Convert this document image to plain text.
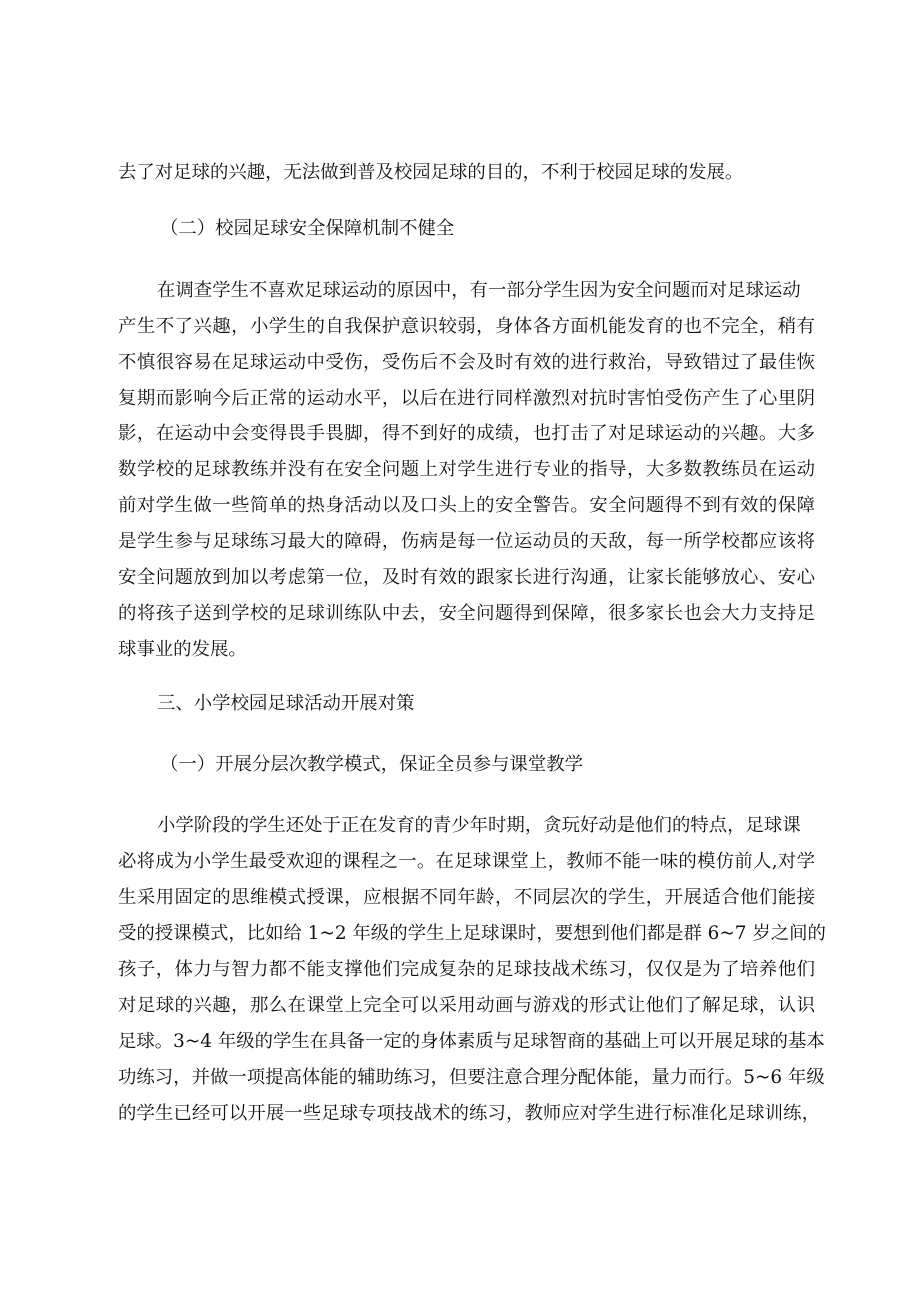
去了对足球的兴趣，无法做到普及校园足球的目的，不利于校园足球的发展。
（二）校园足球安全保障机制不健全
在调查学生不喜欢足球运动的原因中，有一部分学生因为安全问题而对足球运动
产生不了兴趣，小学生的自我保护意识较弱，身体各方面机能发育的也不完全，稍有
不慎很容易在足球运动中受伤，受伤后不会及时有效的进行救治，导致错过了最佳恢
复期而影响今后正常的运动水平，以后在进行同样激烈对抗时害怕受伤产生了心里阴
影，在运动中会变得畏手畏脚，得不到好的成绩，也打击了对足球运动的兴趣。大多
数学校的足球教练并没有在安全问题上对学生进行专业的指导，大多数教练员在运动
前对学生做一些简单的热身活动以及口头上的安全警告。安全问题得不到有效的保障
是学生参与足球练习最大的障碍，伤病是每一位运动员的天敌，每一所学校都应该将
安全问题放到加以考虑第一位，及时有效的跟家长进行沟通，让家长能够放心、安心
的将孩子送到学校的足球训练队中去，安全问题得到保障，很多家长也会大力支持足
球事业的发展。
三、小学校园足球活动开展对策
（一）开展分层次教学模式，保证全员参与课堂教学
小学阶段的学生还处于正在发育的青少年时期，贪玩好动是他们的特点，足球课
必将成为小学生最受欢迎的课程之一。在足球课堂上，教师不能一味的模仿前人,对学
生采用固定的思维模式授课，应根据不同年龄，不同层次的学生，开展适合他们能接
受的授课模式，比如给 1~2 年级的学生上足球课时，要想到他们都是群 6~7 岁之间的
孩子，体力与智力都不能支撑他们完成复杂的足球技战术练习，仅仅是为了培养他们
对足球的兴趣，那么在课堂上完全可以采用动画与游戏的形式让他们了解足球，认识
足球。3~4 年级的学生在具备一定的身体素质与足球智商的基础上可以开展足球的基本
功练习，并做一项提高体能的辅助练习，但要注意合理分配体能，量力而行。5~6 年级
的学生已经可以开展一些足球专项技战术的练习，教师应对学生进行标准化足球训练，
